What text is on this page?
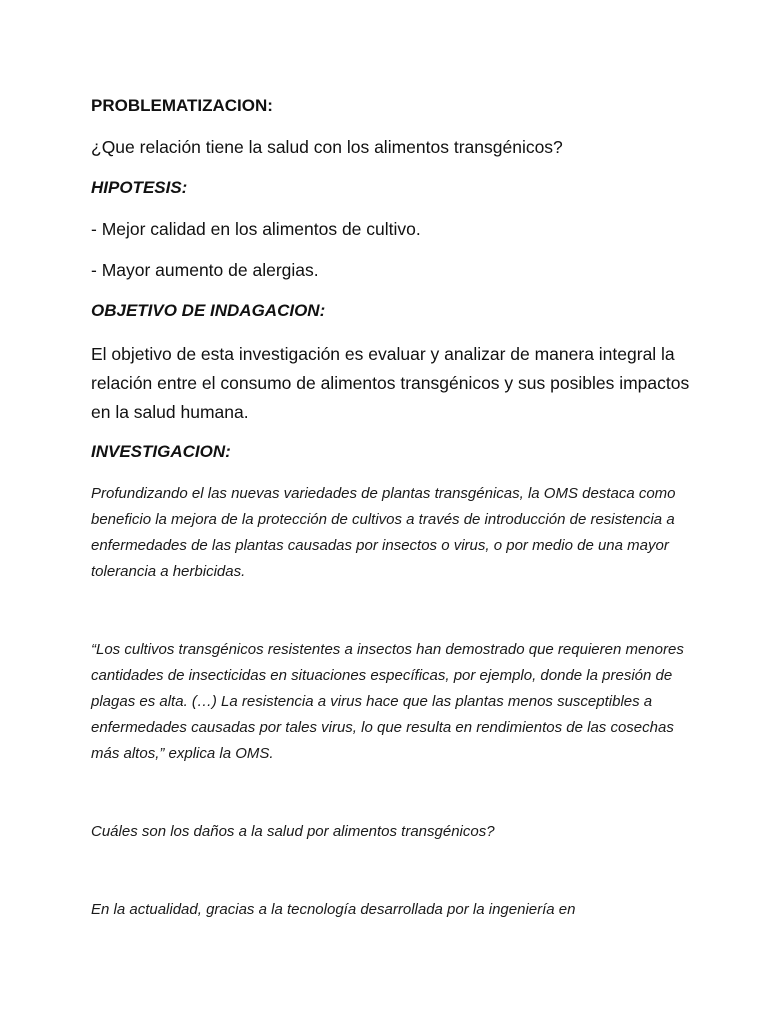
PROBLEMATIZACION:

¿Que relación tiene la salud con los alimentos transgénicos?

HIPOTESIS:

- Mejor calidad en los alimentos de cultivo.

- Mayor aumento de alergias.

OBJETIVO DE INDAGACION:

El objetivo de esta investigación es evaluar y analizar de manera integral la relación entre el consumo de alimentos transgénicos y sus posibles impactos en la salud humana.

INVESTIGACION:

Profundizando el las nuevas variedades de plantas transgénicas, la OMS destaca como beneficio la mejora de la protección de cultivos a través de introducción de resistencia a enfermedades de las plantas causadas por insectos o virus, o por medio de una mayor tolerancia a herbicidas.

“Los cultivos transgénicos resistentes a insectos han demostrado que requieren menores cantidades de insecticidas en situaciones específicas, por ejemplo, donde la presión de plagas es alta. (…) La resistencia a virus hace que las plantas menos susceptibles a enfermedades causadas por tales virus, lo que resulta en rendimientos de las cosechas más altos,” explica la OMS.

Cuáles son los daños a la salud por alimentos transgénicos?

En la actualidad, gracias a la tecnología desarrollada por la ingeniería en
